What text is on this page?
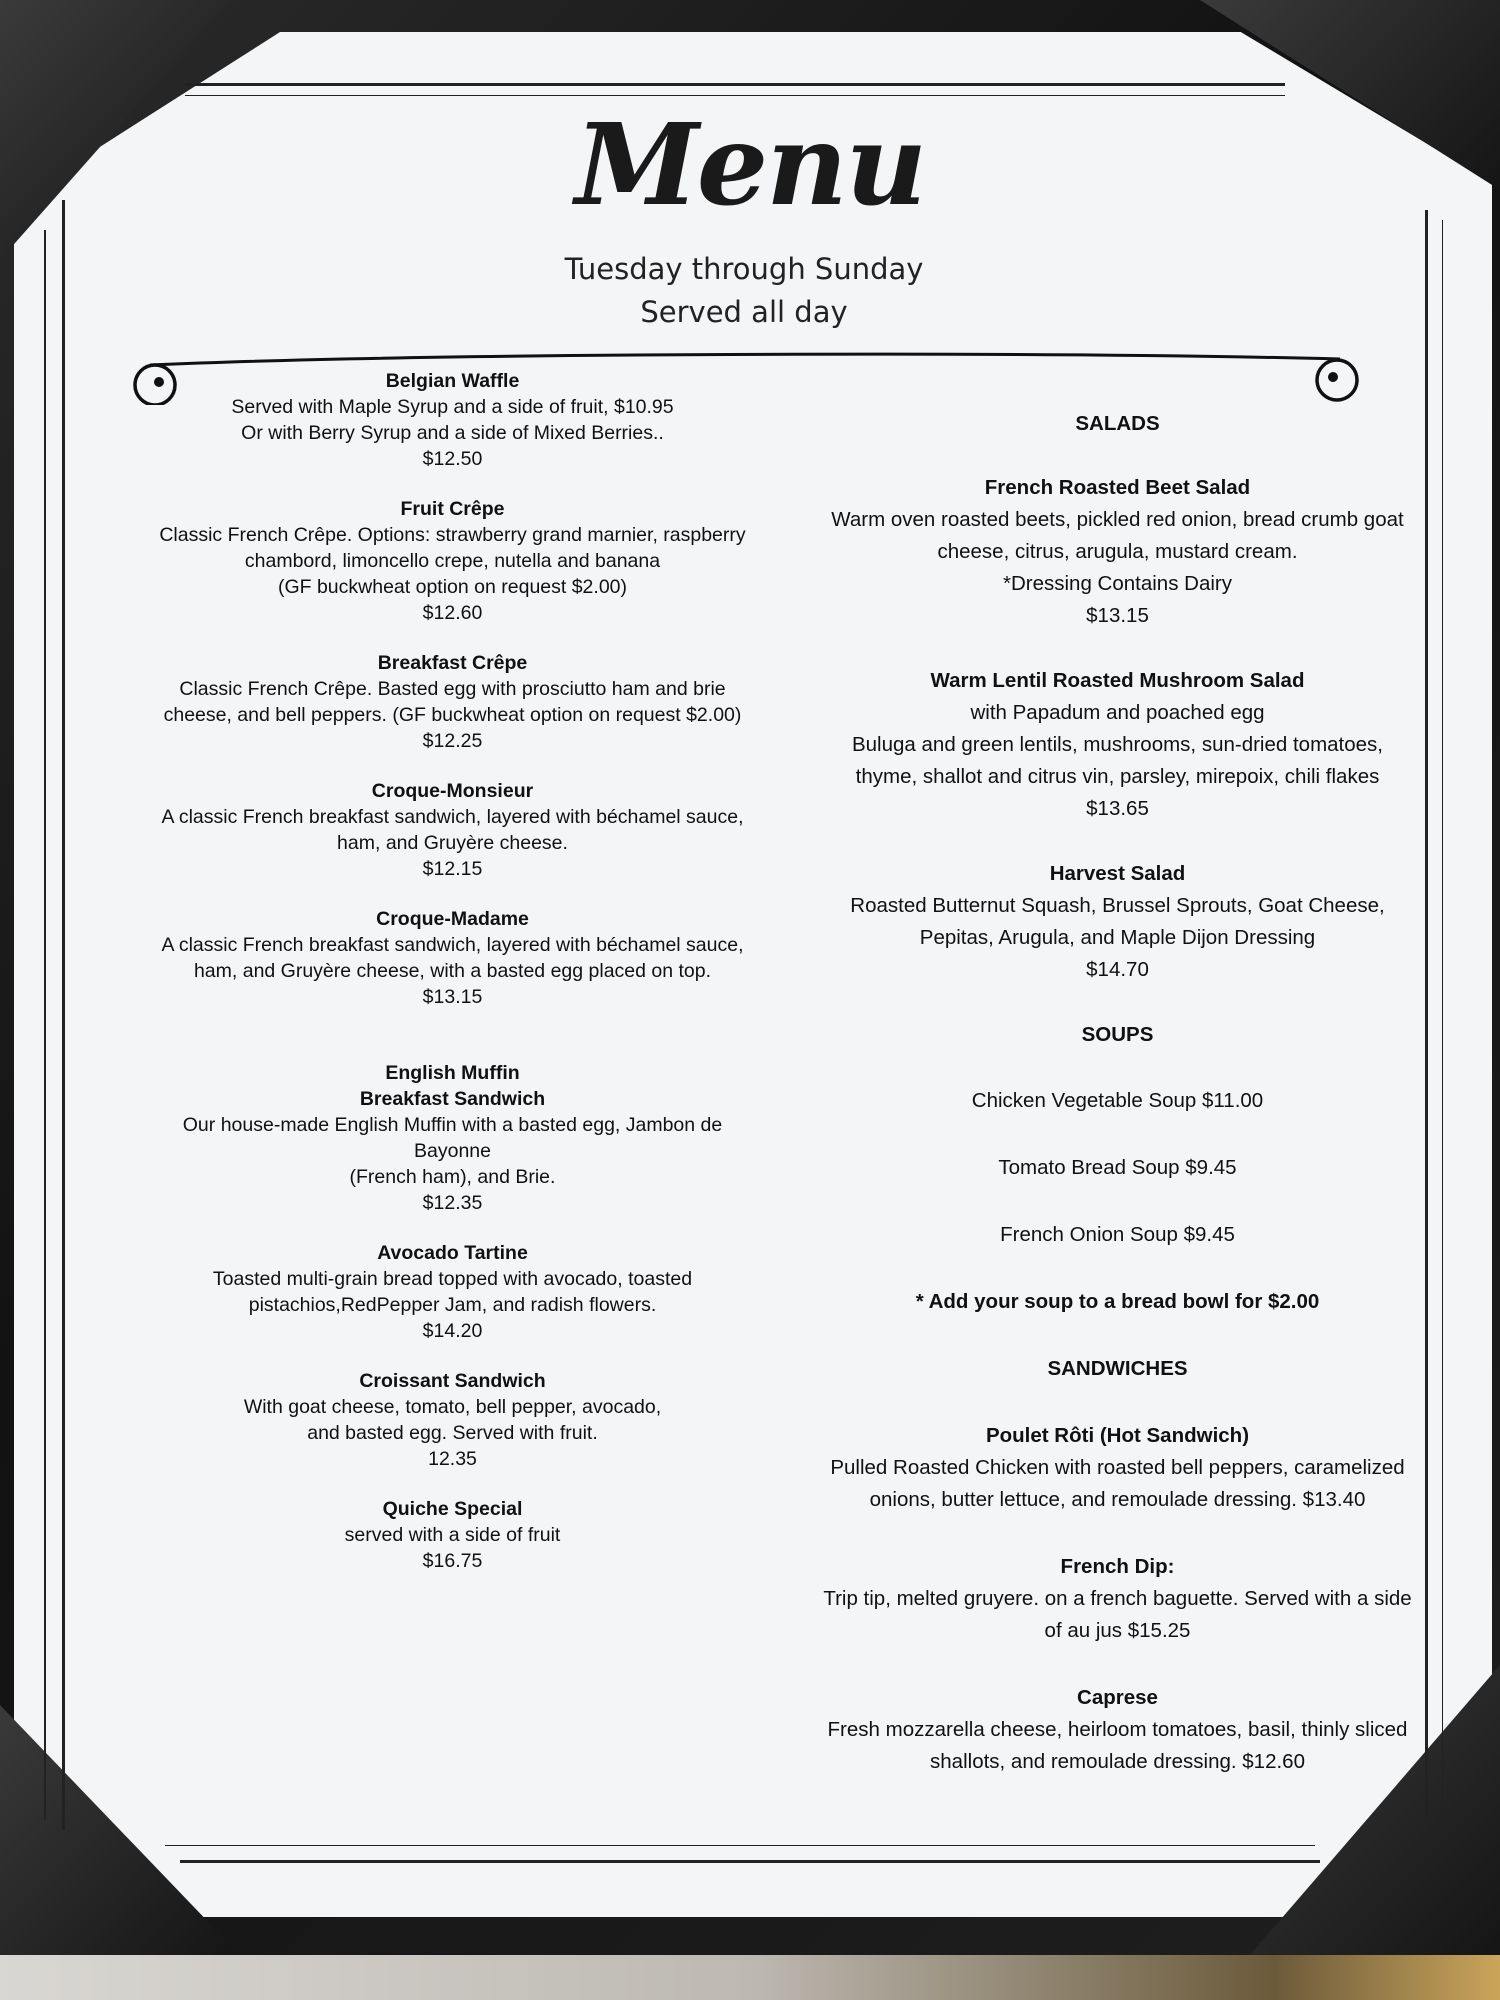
Menu

Tuesday through Sunday

Served all day

Belgian Waffle
Served with Maple Syrup and a side of fruit, $10.95
Or with Berry Syrup and a side of Mixed Berries..
$12.50
Fruit Crêpe
Classic French Crêpe. Options: strawberry grand marnier, raspberry
chambord, limoncello crepe, nutella and banana
(GF buckwheat option on request $2.00)
$12.60
Breakfast Crêpe
Classic French Crêpe. Basted egg with prosciutto ham and brie
cheese, and bell peppers. (GF buckwheat option on request $2.00)
$12.25
Croque-Monsieur
A classic French breakfast sandwich, layered with béchamel sauce,
ham, and Gruyère cheese.
$12.15
Croque-Madame
A classic French breakfast sandwich, layered with béchamel sauce,
ham, and Gruyère cheese, with a basted egg placed on top.
$13.15
English Muffin
Breakfast Sandwich
Our house-made English Muffin with a basted egg, Jambon de
Bayonne
(French ham), and Brie.
$12.35
Avocado Tartine
Toasted multi-grain bread topped with avocado, toasted
pistachios,RedPepper Jam, and radish flowers.
$14.20
Croissant Sandwich
With goat cheese, tomato, bell pepper, avocado,
and basted egg. Served with fruit.
12.35
Quiche Special
served with a side of fruit
$16.75
SALADS
French Roasted Beet Salad
Warm oven roasted beets, pickled red onion, bread crumb goat
cheese, citrus, arugula, mustard cream.
*Dressing Contains Dairy
$13.15
Warm Lentil Roasted Mushroom Salad
with Papadum and poached egg
Buluga and green lentils, mushrooms, sun-dried tomatoes,
thyme, shallot and citrus vin, parsley, mirepoix, chili flakes
$13.65
Harvest Salad
Roasted Butternut Squash, Brussel Sprouts, Goat Cheese,
Pepitas, Arugula, and Maple Dijon Dressing
$14.70
SOUPS
Chicken Vegetable Soup $11.00
Tomato Bread Soup $9.45
French Onion Soup $9.45
* Add your soup to a bread bowl for $2.00
SANDWICHES
Poulet Rôti (Hot Sandwich)
Pulled Roasted Chicken with roasted bell peppers, caramelized
onions, butter lettuce, and remoulade dressing. $13.40
French Dip:
Trip tip, melted gruyere. on a french baguette. Served with a side
of au jus $15.25
Caprese
Fresh mozzarella cheese, heirloom tomatoes, basil, thinly sliced
shallots, and remoulade dressing. $12.60
